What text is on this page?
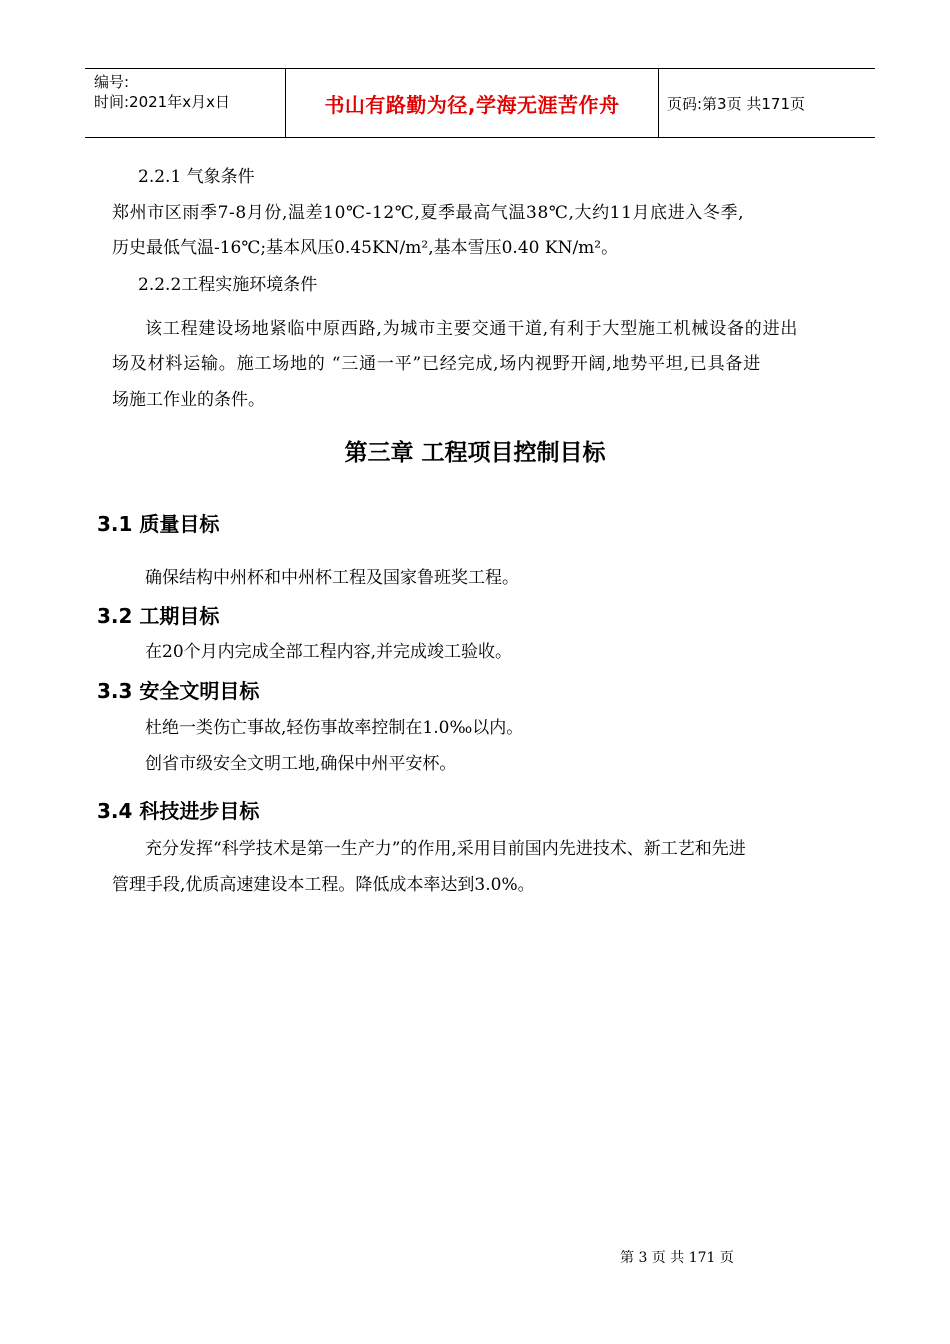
编号:
时间:2021年x月x日	书山有路勤为径,学海无涯苦作舟	页码:第3页 共171页
2.2.1 气象条件
郑州市区雨季7-8月份,温差10℃-12℃,夏季最高气温38℃,大约11月底进入冬季,
历史最低气温-16℃;基本风压0.45KN/m²,基本雪压0.40 KN/m²。
2.2.2工程实施环境条件
该工程建设场地紧临中原西路,为城市主要交通干道,有利于大型施工机械设备的进出
场及材料运输。施工场地的 “三通一平”已经完成,场内视野开阔,地势平坦,已具备进
场施工作业的条件。
第三章 工程项目控制目标
3.1 质量目标
确保结构中州杯和中州杯工程及国家鲁班奖工程。
3.2 工期目标
在20个月内完成全部工程内容,并完成竣工验收。
3.3 安全文明目标
杜绝一类伤亡事故,轻伤事故率控制在1.0‰以内。
创省市级安全文明工地,确保中州平安杯。
3.4 科技进步目标
充分发挥“科学技术是第一生产力”的作用,采用目前国内先进技术、新工艺和先进
管理手段,优质高速建设本工程。降低成本率达到3.0%。
第 3 页 共 171 页
